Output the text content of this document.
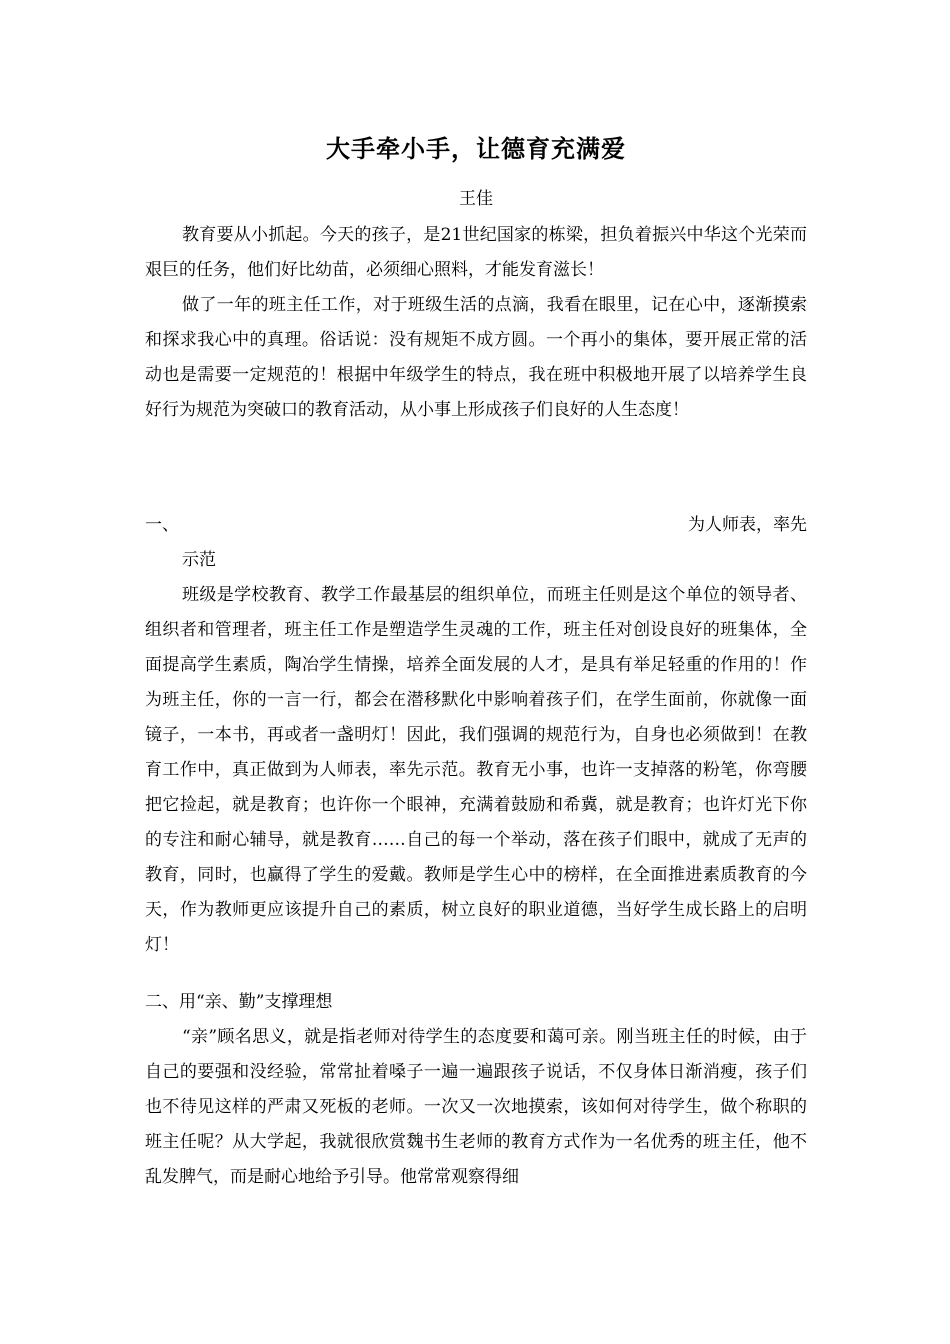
大手牵小手，让德育充满爱
王佳
教育要从小抓起。今天的孩子，是21世纪国家的栋梁，担负着振兴中华这个光荣而艰巨的任务，他们好比幼苗，必须细心照料，才能发育滋长！
做了一年的班主任工作，对于班级生活的点滴，我看在眼里，记在心中，逐渐摸索和探求我心中的真理。俗话说：没有规矩不成方圆。一个再小的集体，要开展正常的活动也是需要一定规范的！根据中年级学生的特点，我在班中积极地开展了以培养学生良好行为规范为突破口的教育活动，从小事上形成孩子们良好的人生态度！
一、	为人师表，率先
示范
班级是学校教育、教学工作最基层的组织单位，而班主任则是这个单位的领导者、组织者和管理者，班主任工作是塑造学生灵魂的工作，班主任对创设良好的班集体，全面提高学生素质，陶冶学生情操，培养全面发展的人才，是具有举足轻重的作用的！作为班主任，你的一言一行，都会在潜移默化中影响着孩子们，在学生面前，你就像一面镜子，一本书，再或者一盏明灯！因此，我们强调的规范行为，自身也必须做到！在教育工作中，真正做到为人师表，率先示范。教育无小事，也许一支掉落的粉笔，你弯腰把它捡起，就是教育；也许你一个眼神，充满着鼓励和希冀，就是教育；也许灯光下你的专注和耐心辅导，就是教育……自己的每一个举动，落在孩子们眼中，就成了无声的教育，同时，也赢得了学生的爱戴。教师是学生心中的榜样，在全面推进素质教育的今天，作为教师更应该提升自己的素质，树立良好的职业道德，当好学生成长路上的启明灯！
二、用“亲、勤”支撑理想
“亲”顾名思义，就是指老师对待学生的态度要和蔼可亲。刚当班主任的时候，由于自己的要强和没经验，常常扯着嗓子一遍一遍跟孩子说话，不仅身体日渐消瘦，孩子们也不待见这样的严肃又死板的老师。一次又一次地摸索，该如何对待学生，做个称职的班主任呢？从大学起，我就很欣赏魏书生老师的教育方式作为一名优秀的班主任，他不乱发脾气，而是耐心地给予引导。他常常观察得细
